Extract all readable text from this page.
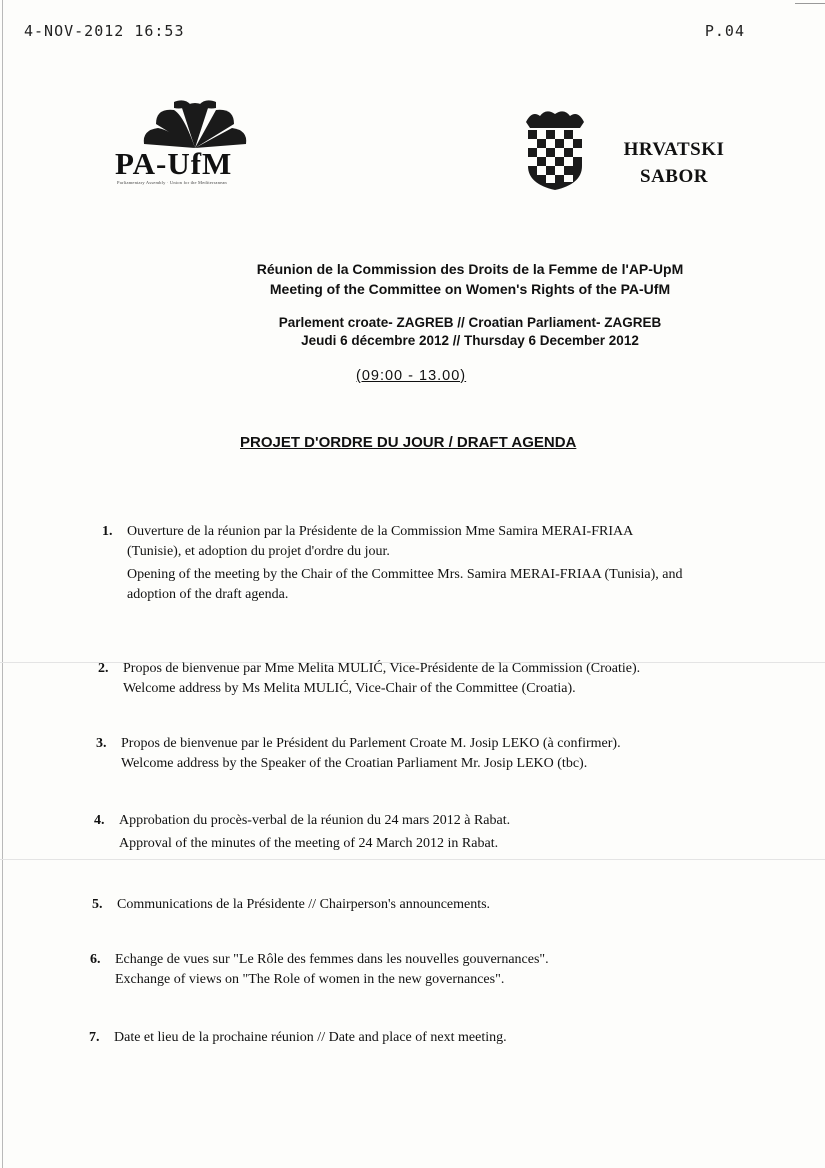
4-NOV-2012 16:53	P.04
PA-UfM
Parliamentary Assembly · Union for the Mediterranean
HRVATSKI
SABOR
Réunion de la Commission des Droits de la Femme de l'AP-UpM
Meeting of the Committee on Women's Rights of the PA-UfM
Parlement croate- ZAGREB // Croatian Parliament- ZAGREB
Jeudi 6 décembre 2012 // Thursday 6 December 2012
(09:00 - 13.00)
PROJET D'ORDRE DU JOUR / DRAFT AGENDA
1. Ouverture de la réunion par la Présidente de la Commission Mme Samira MERAI-FRIAA
(Tunisie), et adoption du projet d'ordre du jour.
Opening of the meeting by the Chair of the Committee Mrs. Samira MERAI-FRIAA (Tunisia), and
adoption of the draft agenda.
2. Propos de bienvenue par Mme Melita MULIĆ, Vice-Présidente de la Commission (Croatie).
Welcome address by Ms Melita MULIĆ, Vice-Chair of the Committee (Croatia).
3. Propos de bienvenue par le Président du Parlement Croate M. Josip LEKO (à confirmer).
Welcome address by the Speaker of the Croatian Parliament Mr. Josip LEKO (tbc).
4. Approbation du procès-verbal de la réunion du 24 mars 2012 à Rabat.
Approval of the minutes of the meeting of 24 March 2012 in Rabat.
5. Communications de la Présidente // Chairperson's announcements.
6. Echange de vues sur "Le Rôle des femmes dans les nouvelles gouvernances".
Exchange of views on "The Role of women in the new governances".
7. Date et lieu de la prochaine réunion // Date and place of next meeting.
